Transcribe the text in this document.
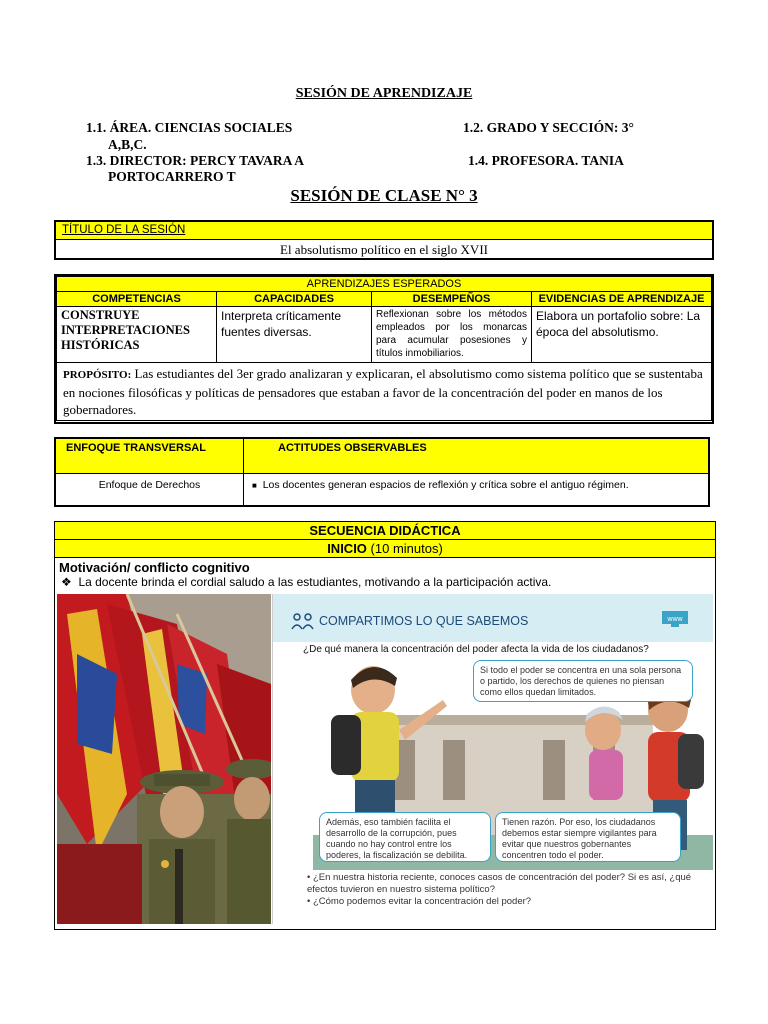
SESIÓN DE APRENDIZAJE
1.1. ÁREA. CIENCIAS SOCIALES	1.2. GRADO Y SECCIÓN: 3°
A,B,C.
1.3. DIRECTOR: PERCY TAVARA A	1.4. PROFESORA. TANIA
PORTOCARRERO T
SESIÓN DE CLASE N° 3
TÍTULO DE LA SESIÓN
El absolutismo político en el siglo XVII
APRENDIZAJES ESPERADOS			
COMPETENCIAS	CAPACIDADES	DESEMPEÑOS	EVIDENCIAS DE APRENDIZAJE

CONSTRUYE
INTERPRETACIONES
HISTÓRICAS	Interpreta críticamente fuentes diversas.	Reflexionan sobre los métodos empleados por los monarcas para acumular posesiones y títulos inmobiliarios.	Elabora un portafolio sobre: La época del absolutismo.
PROPÓSITO: Las estudiantes del 3er grado analizaran y explicaran, el absolutismo como sistema político que se sustentaba en nociones filosóficas y políticas de pensadores que estaban a favor de la concentración del poder en manos de los gobernadores.			
ENFOQUE TRANSVERSAL	ACTITUDES OBSERVABLES
Enfoque de Derechos	■ Los docentes generan espacios de reflexión y crítica sobre el antiguo régimen.
SECUENCIA DIDÁCTICA
INICIO (10 minutos)
Motivación/ conflicto cognitivo
❖ La docente brinda el cordial saludo a las estudiantes, motivando a la participación activa.
COMPARTIMOS LO QUE SABEMOS	www
¿De qué manera la concentración del poder afecta la vida de los ciudadanos?
Si todo el poder se concentra en una sola persona o partido, los derechos de quienes no piensan como ellos quedan limitados.
Además, eso también facilita el desarrollo de la corrupción, pues cuando no hay control entre los poderes, la fiscalización se debilita.
Tienen razón. Por eso, los ciudadanos debemos estar siempre vigilantes para evitar que nuestros gobernantes concentren todo el poder.
• ¿En nuestra historia reciente, conoces casos de concentración del poder? Si es así, ¿qué efectos tuvieron en nuestro sistema político?
• ¿Cómo podemos evitar la concentración del poder?
